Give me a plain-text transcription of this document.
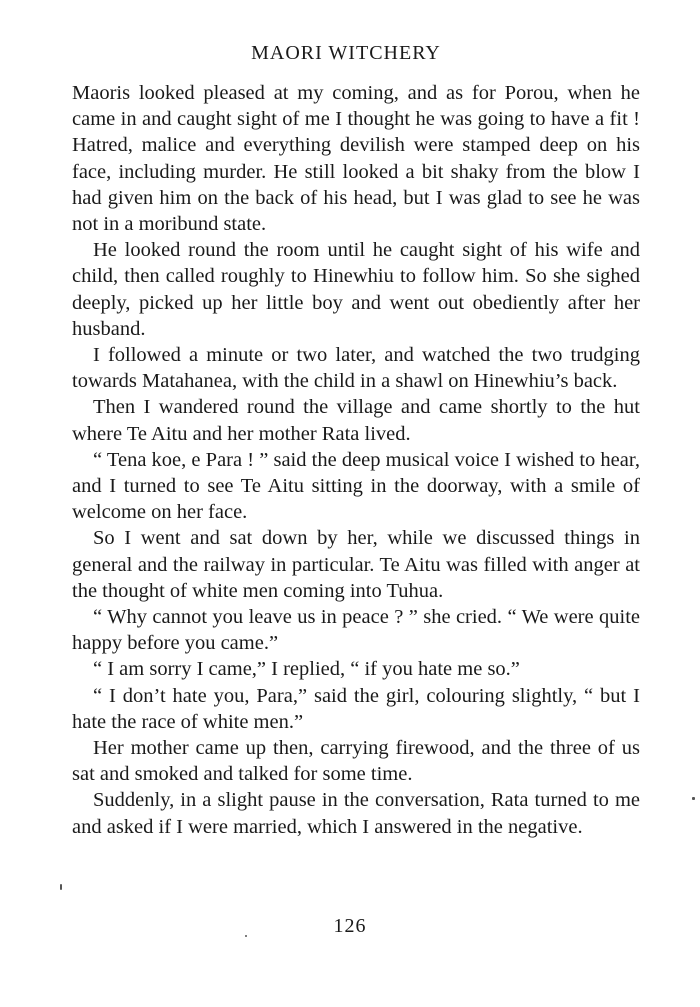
MAORI WITCHERY

Maoris looked pleased at my coming, and as for Porou, when he came in and caught sight of me I thought he was going to have a fit ! Hatred, malice and everything devilish were stamped deep on his face, including murder. He still looked a bit shaky from the blow I had given him on the back of his head, but I was glad to see he was not in a moribund state.

He looked round the room until he caught sight of his wife and child, then called roughly to Hinewhiu to follow him. So she sighed deeply, picked up her little boy and went out obediently after her husband.

I followed a minute or two later, and watched the two trudging towards Matahanea, with the child in a shawl on Hinewhiu’s back.

Then I wandered round the village and came shortly to the hut where Te Aitu and her mother Rata lived.

“ Tena koe, e Para ! ” said the deep musical voice I wished to hear, and I turned to see Te Aitu sitting in the doorway, with a smile of welcome on her face.

So I went and sat down by her, while we discussed things in general and the railway in particular. Te Aitu was filled with anger at the thought of white men coming into Tuhua.

“ Why cannot you leave us in peace ? ” she cried. “ We were quite happy before you came.”

“ I am sorry I came,” I replied, “ if you hate me so.”

“ I don’t hate you, Para,” said the girl, colouring slightly, “ but I hate the race of white men.”

Her mother came up then, carrying firewood, and the three of us sat and smoked and talked for some time.

Suddenly, in a slight pause in the conversation, Rata turned to me and asked if I were married, which I answered in the negative.

126
